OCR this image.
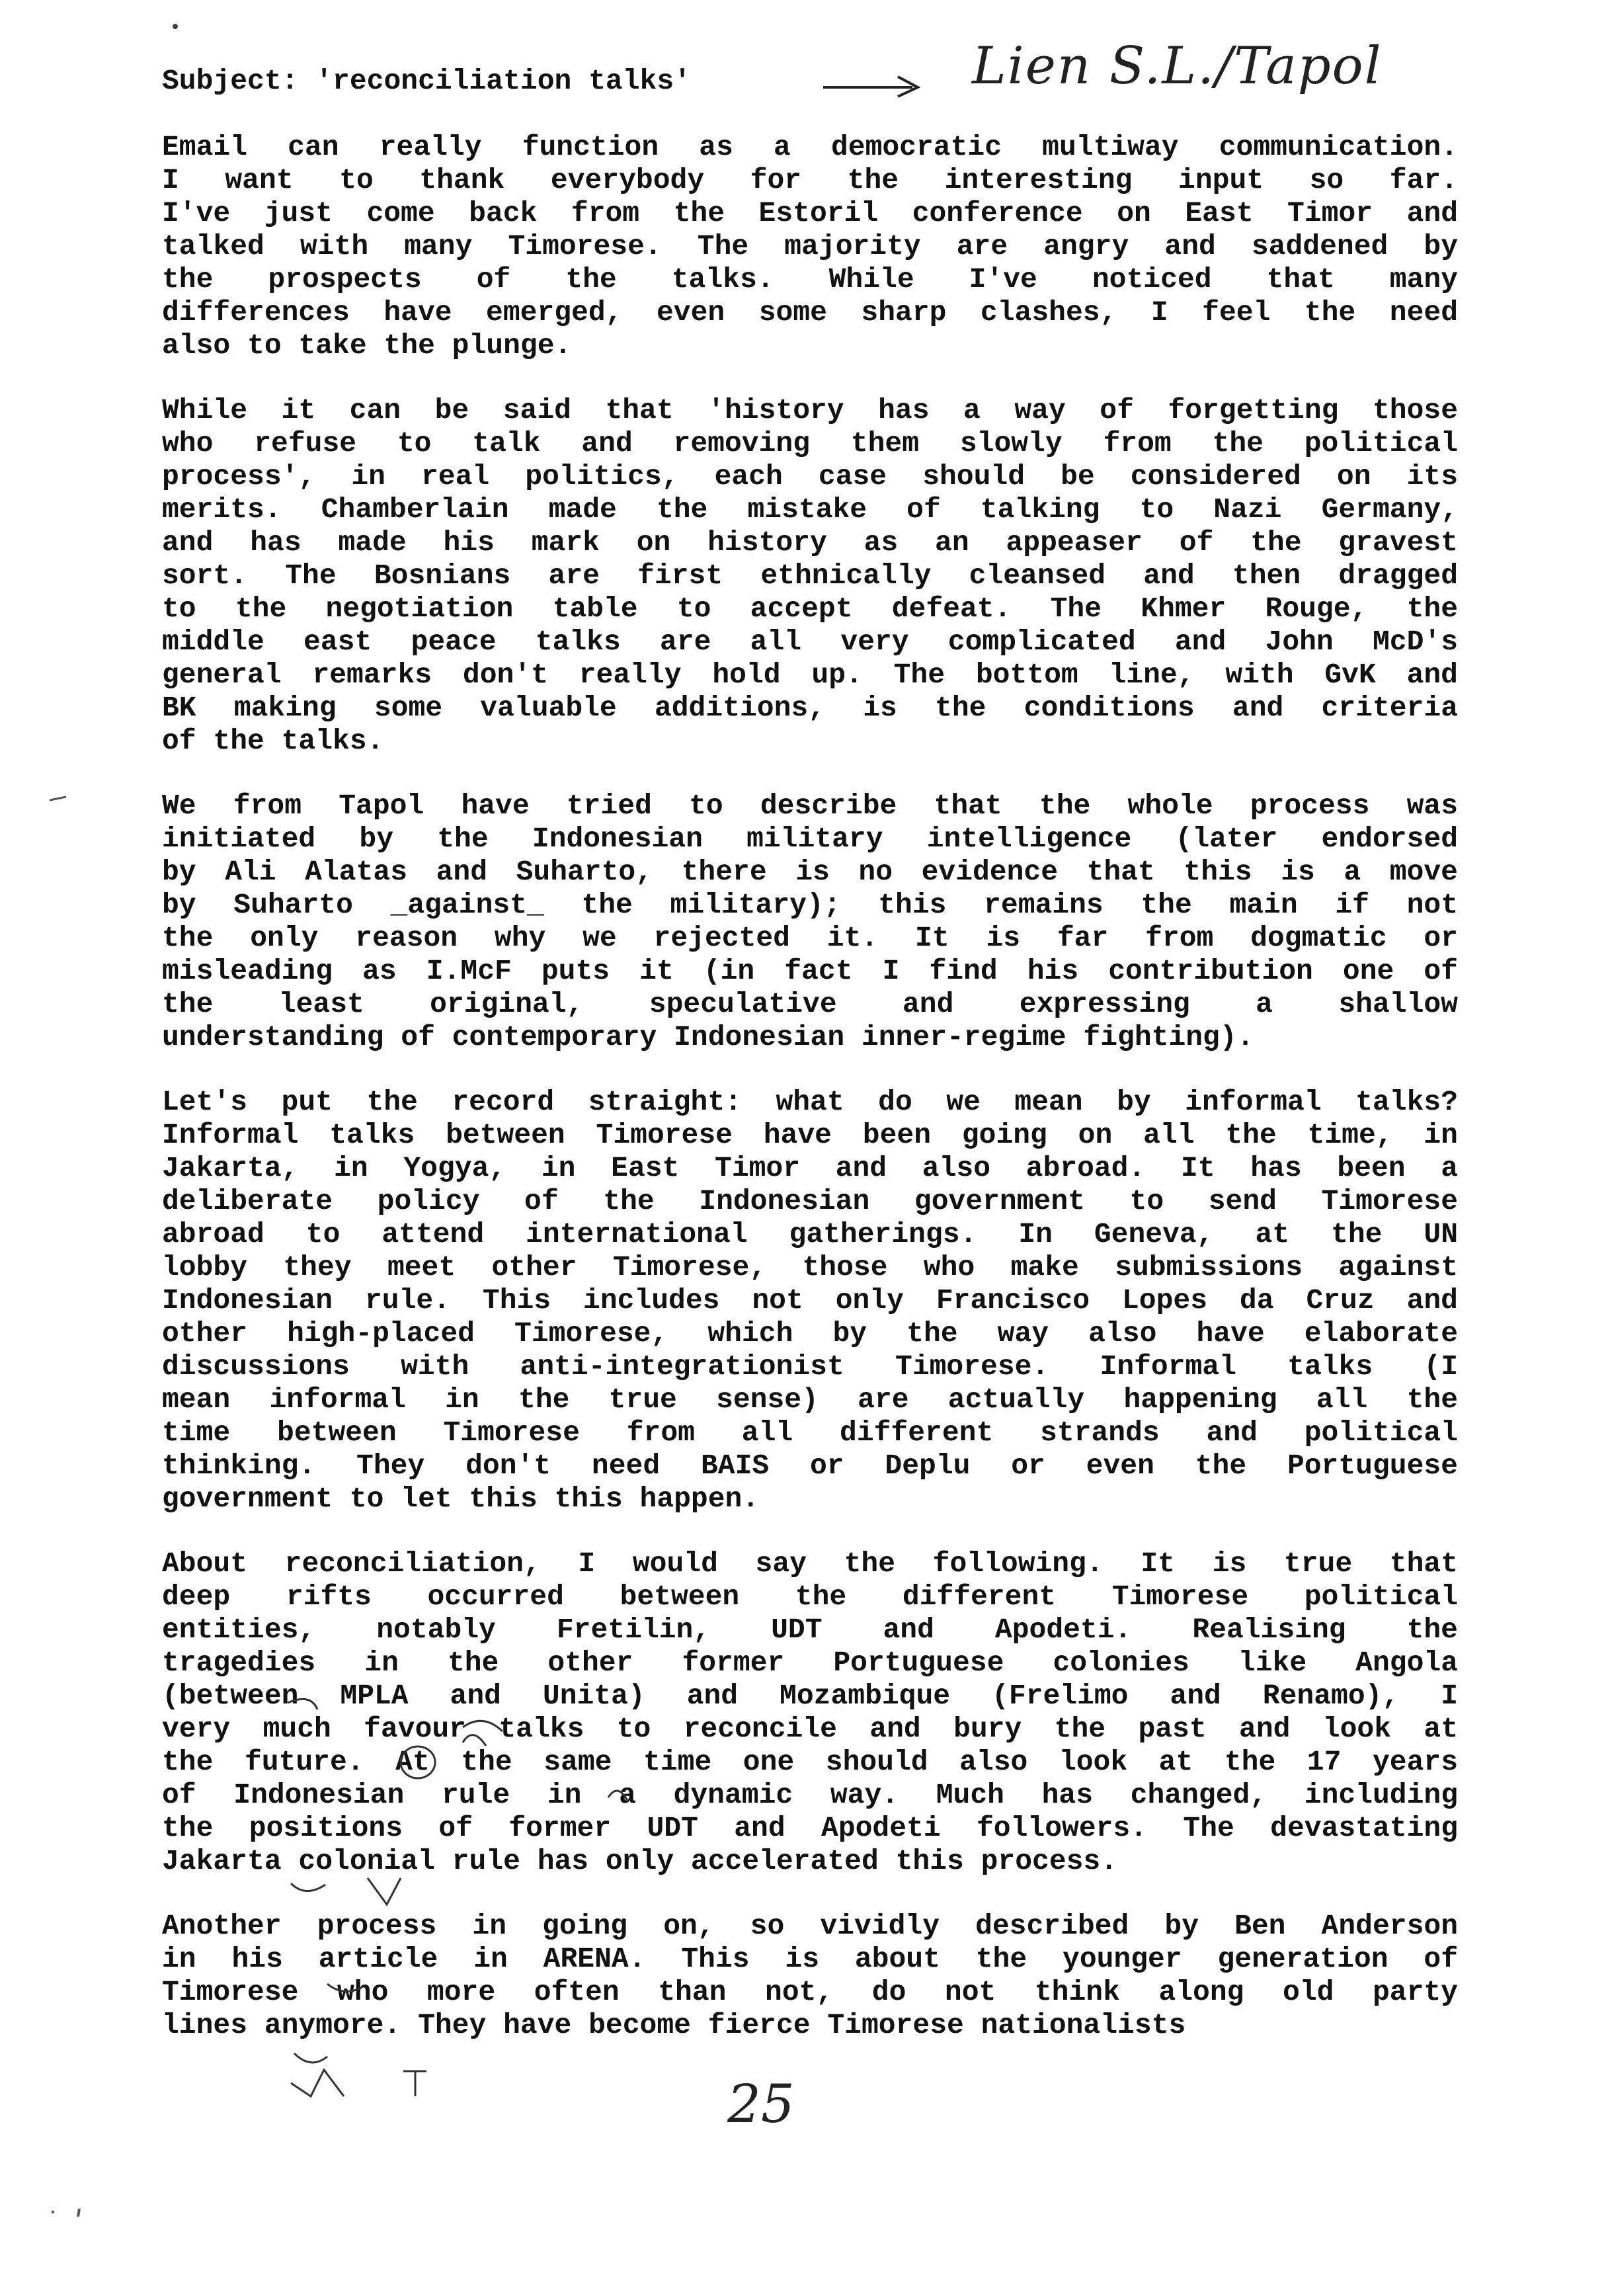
Subject: 'reconciliation talks'	Lien S.L./Tapol
Email can really function as a democratic multiway communication.
I want to thank everybody for the interesting input so far.
I've just come back from the Estoril conference on East Timor and
talked with many Timorese. The majority are angry and saddened by
the prospects of the talks. While I've noticed that many
differences have emerged, even some sharp clashes, I feel the need
also to take the plunge.
While it can be said that 'history has a way of forgetting those
who refuse to talk and removing them slowly from the political
process', in real politics, each case should be considered on its
merits. Chamberlain made the mistake of talking to Nazi Germany,
and has made his mark on history as an appeaser of the gravest
sort. The Bosnians are first ethnically cleansed and then dragged
to the negotiation table to accept defeat. The Khmer Rouge, the
middle east peace talks are all very complicated and John McD's
general remarks don't really hold up. The bottom line, with GvK and
BK making some valuable additions, is the conditions and criteria
of the talks.
We from Tapol have tried to describe that the whole process was
initiated by the Indonesian military intelligence (later endorsed
by Ali Alatas and Suharto, there is no evidence that this is a move
by Suharto _against_ the military); this remains the main if not
the only reason why we rejected it. It is far from dogmatic or
misleading as I.McF puts it (in fact I find his contribution one of
the least original, speculative and expressing a shallow
understanding of contemporary Indonesian inner-regime fighting).
Let's put the record straight: what do we mean by informal talks?
Informal talks between Timorese have been going on all the time, in
Jakarta, in Yogya, in East Timor and also abroad. It has been a
deliberate policy of the Indonesian government to send Timorese
abroad to attend international gatherings. In Geneva, at the UN
lobby they meet other Timorese, those who make submissions against
Indonesian rule. This includes not only Francisco Lopes da Cruz and
other high-placed Timorese, which by the way also have elaborate
discussions with anti-integrationist Timorese. Informal talks (I
mean informal in the true sense) are actually happening all the
time between Timorese from all different strands and political
thinking. They don't need BAIS or Deplu or even the Portuguese
government to let this this happen.
About reconciliation, I would say the following. It is true that
deep rifts occurred between the different Timorese political
entities, notably Fretilin, UDT and Apodeti. Realising the
tragedies in the other former Portuguese colonies like Angola
(between MPLA and Unita) and Mozambique (Frelimo and Renamo), I
very much favour talks to reconcile and bury the past and look at
the future. At the same time one should also look at the 17 years
of Indonesian rule in a dynamic way. Much has changed, including
the positions of former UDT and Apodeti followers. The devastating
Jakarta colonial rule has only accelerated this process.
Another process in going on, so vividly described by Ben Anderson
in his article in ARENA. This is about the younger generation of
Timorese who more often than not, do not think along old party
lines anymore. They have become fierce Timorese nationalists
25
